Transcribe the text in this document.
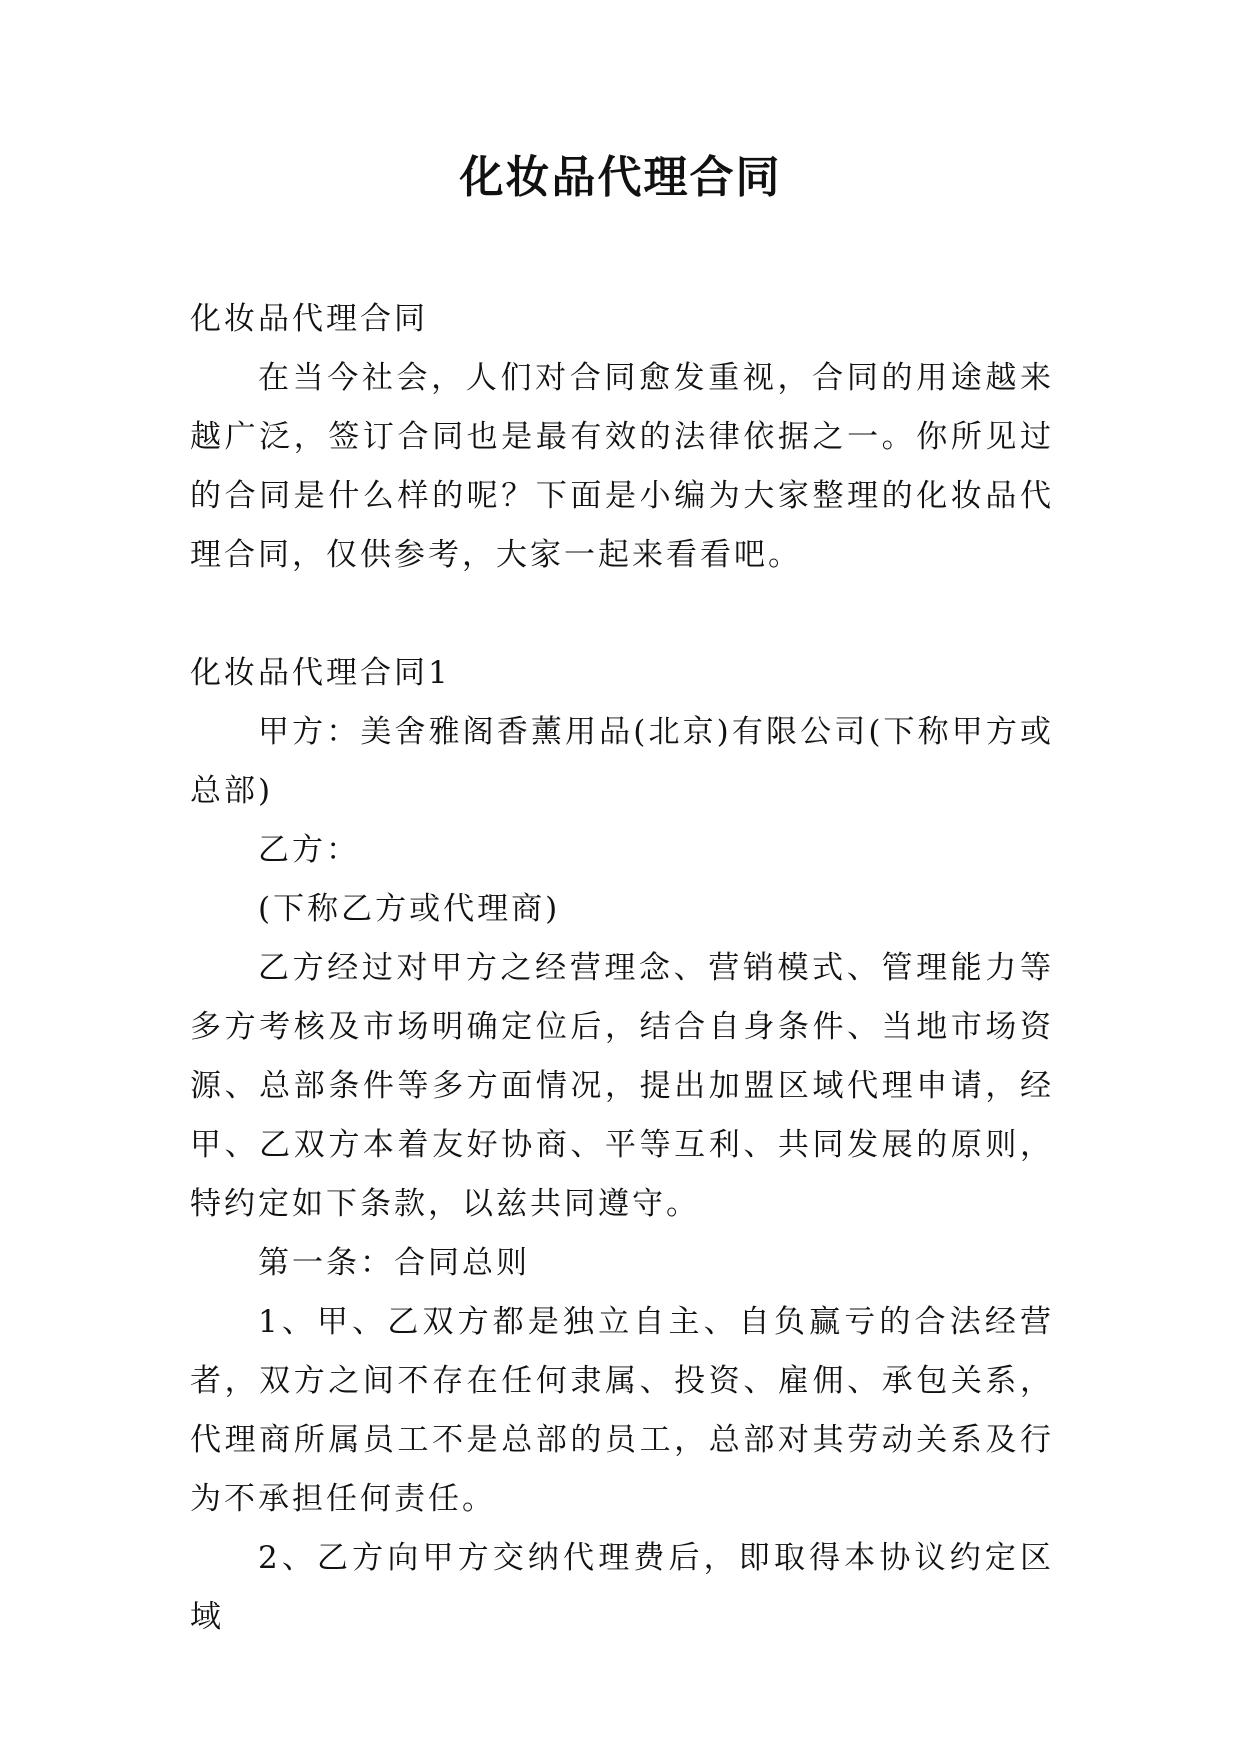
化妆品代理合同

化妆品代理合同

在当今社会，人们对合同愈发重视，合同的用途越来越广泛，签订合同也是最有效的法律依据之一。你所见过的合同是什么样的呢？下面是小编为大家整理的化妆品代理合同，仅供参考，大家一起来看看吧。

化妆品代理合同1

甲方：美舍雅阁香薰用品(北京)有限公司(下称甲方或总部)

乙方：

(下称乙方或代理商)

乙方经过对甲方之经营理念、营销模式、管理能力等多方考核及市场明确定位后，结合自身条件、当地市场资源、总部条件等多方面情况，提出加盟区域代理申请，经甲、乙双方本着友好协商、平等互利、共同发展的原则，特约定如下条款，以兹共同遵守。

第一条：合同总则

1、甲、乙双方都是独立自主、自负赢亏的合法经营者，双方之间不存在任何隶属、投资、雇佣、承包关系，代理商所属员工不是总部的员工，总部对其劳动关系及行为不承担任何责任。

2、乙方向甲方交纳代理费后，即取得本协议约定区域
